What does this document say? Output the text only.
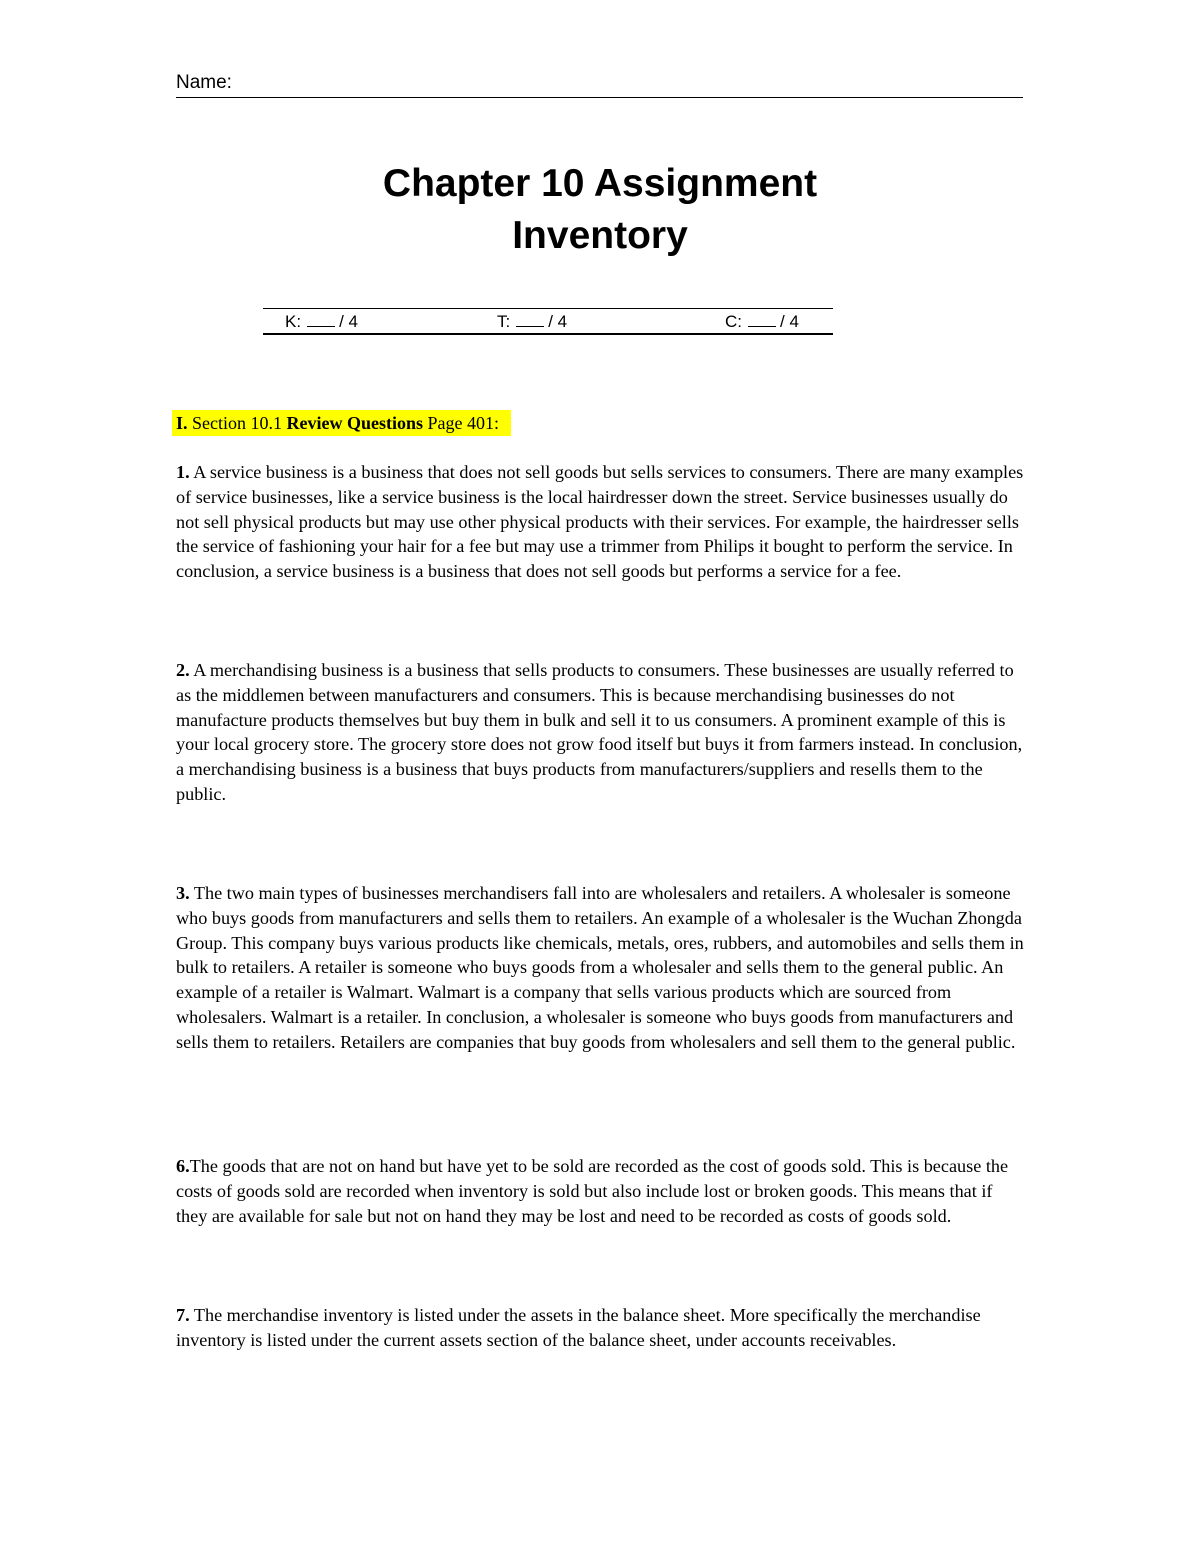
Name:
Chapter 10 Assignment
Inventory
K: / 4	T: / 4	C: / 4
I. Section 10.1 Review Questions Page 401:

1. A service business is a business that does not sell goods but sells services to consumers. There are many examples of service businesses, like a service business is the local hairdresser down the street. Service businesses usually do not sell physical products but may use other physical products with their services. For example, the hairdresser sells the service of fashioning your hair for a fee but may use a trimmer from Philips it bought to perform the service. In conclusion, a service business is a business that does not sell goods but performs a service for a fee.

2. A merchandising business is a business that sells products to consumers. These businesses are usually referred to as the middlemen between manufacturers and consumers. This is because merchandising businesses do not manufacture products themselves but buy them in bulk and sell it to us consumers. A prominent example of this is your local grocery store. The grocery store does not grow food itself but buys it from farmers instead. In conclusion, a merchandising business is a business that buys products from manufacturers/suppliers and resells them to the public.

3. The two main types of businesses merchandisers fall into are wholesalers and retailers. A wholesaler is someone who buys goods from manufacturers and sells them to retailers. An example of a wholesaler is the Wuchan Zhongda Group. This company buys various products like chemicals, metals, ores, rubbers, and automobiles and sells them in bulk to retailers. A retailer is someone who buys goods from a wholesaler and sells them to the general public. An example of a retailer is Walmart. Walmart is a company that sells various products which are sourced from wholesalers. Walmart is a retailer. In conclusion, a wholesaler is someone who buys goods from manufacturers and sells them to retailers. Retailers are companies that buy goods from wholesalers and sell them to the general public.

6.The goods that are not on hand but have yet to be sold are recorded as the cost of goods sold. This is because the costs of goods sold are recorded when inventory is sold but also include lost or broken goods. This means that if they are available for sale but not on hand they may be lost and need to be recorded as costs of goods sold.

7. The merchandise inventory is listed under the assets in the balance sheet. More specifically the merchandise inventory is listed under the current assets section of the balance sheet, under accounts receivables.
